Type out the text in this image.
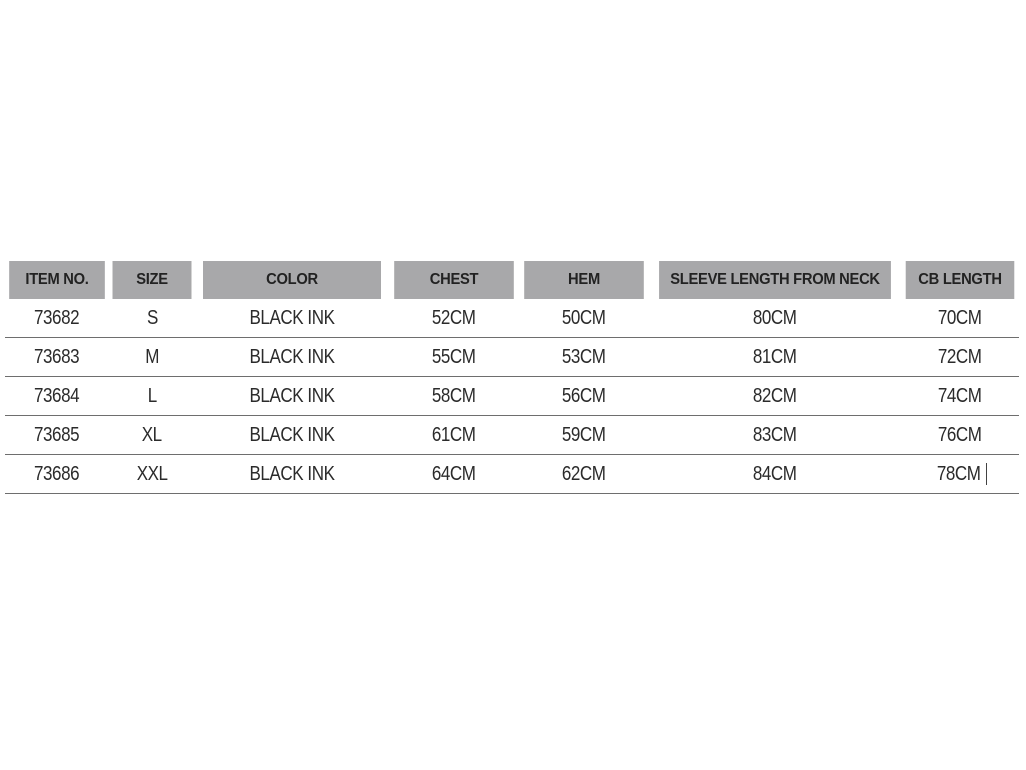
ITEM NO.	SIZE	COLOR	CHEST	HEM	SLEEVE LENGTH FROM NECK	CB LENGTH
73682	S	BLACK INK	52CM	50CM	80CM	70CM
73683	M	BLACK INK	55CM	53CM	81CM	72CM
73684	L	BLACK INK	58CM	56CM	82CM	74CM
73685	XL	BLACK INK	61CM	59CM	83CM	76CM
73686	XXL	BLACK INK	64CM	62CM	84CM	78CM
